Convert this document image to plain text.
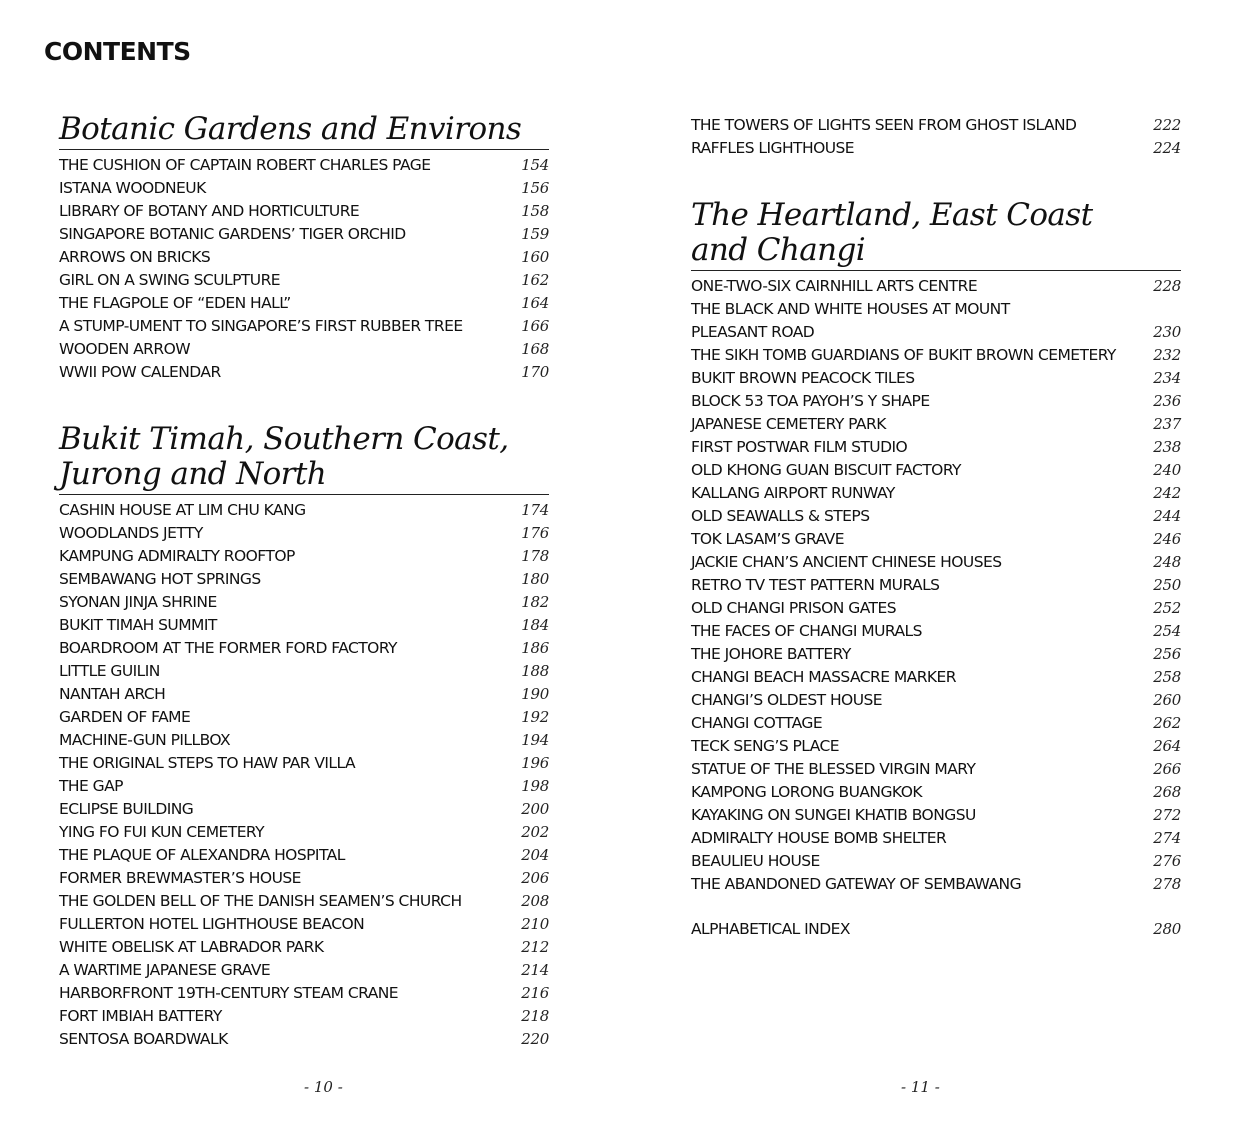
CONTENTS
Botanic Gardens and Environs
THE CUSHION OF CAPTAIN ROBERT CHARLES PAGE	154
ISTANA WOODNEUK	156
LIBRARY OF BOTANY AND HORTICULTURE	158
SINGAPORE BOTANIC GARDENS’ TIGER ORCHID	159
ARROWS ON BRICKS	160
GIRL ON A SWING SCULPTURE	162
THE FLAGPOLE OF “EDEN HALL”	164
A STUMP-UMENT TO SINGAPORE’S FIRST RUBBER TREE	166
WOODEN ARROW	168
WWII POW CALENDAR	170
Bukit Timah, Southern Coast,
Jurong and North
CASHIN HOUSE AT LIM CHU KANG	174
WOODLANDS JETTY	176
KAMPUNG ADMIRALTY ROOFTOP	178
SEMBAWANG HOT SPRINGS	180
SYONAN JINJA SHRINE	182
BUKIT TIMAH SUMMIT	184
BOARDROOM AT THE FORMER FORD FACTORY	186
LITTLE GUILIN	188
NANTAH ARCH	190
GARDEN OF FAME	192
MACHINE-GUN PILLBOX	194
THE ORIGINAL STEPS TO HAW PAR VILLA	196
THE GAP	198
ECLIPSE BUILDING	200
YING FO FUI KUN CEMETERY	202
THE PLAQUE OF ALEXANDRA HOSPITAL	204
FORMER BREWMASTER’S HOUSE	206
THE GOLDEN BELL OF THE DANISH SEAMEN’S CHURCH	208
FULLERTON HOTEL LIGHTHOUSE BEACON	210
WHITE OBELISK AT LABRADOR PARK	212
A WARTIME JAPANESE GRAVE	214
HARBORFRONT 19TH-CENTURY STEAM CRANE	216
FORT IMBIAH BATTERY	218
SENTOSA BOARDWALK	220
THE TOWERS OF LIGHTS SEEN FROM GHOST ISLAND	222
RAFFLES LIGHTHOUSE	224
The Heartland, East Coast
and Changi
ONE-TWO-SIX CAIRNHILL ARTS CENTRE	228
THE BLACK AND WHITE HOUSES AT MOUNT
PLEASANT ROAD	230
THE SIKH TOMB GUARDIANS OF BUKIT BROWN CEMETERY 232
BUKIT BROWN PEACOCK TILES	234
BLOCK 53 TOA PAYOH’S Y SHAPE	236
JAPANESE CEMETERY PARK	237
FIRST POSTWAR FILM STUDIO	238
OLD KHONG GUAN BISCUIT FACTORY	240
KALLANG AIRPORT RUNWAY	242
OLD SEAWALLS & STEPS	244
TOK LASAM’S GRAVE	246
JACKIE CHAN’S ANCIENT CHINESE HOUSES	248
RETRO TV TEST PATTERN MURALS	250
OLD CHANGI PRISON GATES	252
THE FACES OF CHANGI MURALS	254
THE JOHORE BATTERY	256
CHANGI BEACH MASSACRE MARKER	258
CHANGI’S OLDEST HOUSE	260
CHANGI COTTAGE	262
TECK SENG’S PLACE	264
STATUE OF THE BLESSED VIRGIN MARY	266
KAMPONG LORONG BUANGKOK	268
KAYAKING ON SUNGEI KHATIB BONGSU	272
ADMIRALTY HOUSE BOMB SHELTER	274
BEAULIEU HOUSE	276
THE ABANDONED GATEWAY OF SEMBAWANG	278
ALPHABETICAL INDEX	280
- 10 -	- 11 -
